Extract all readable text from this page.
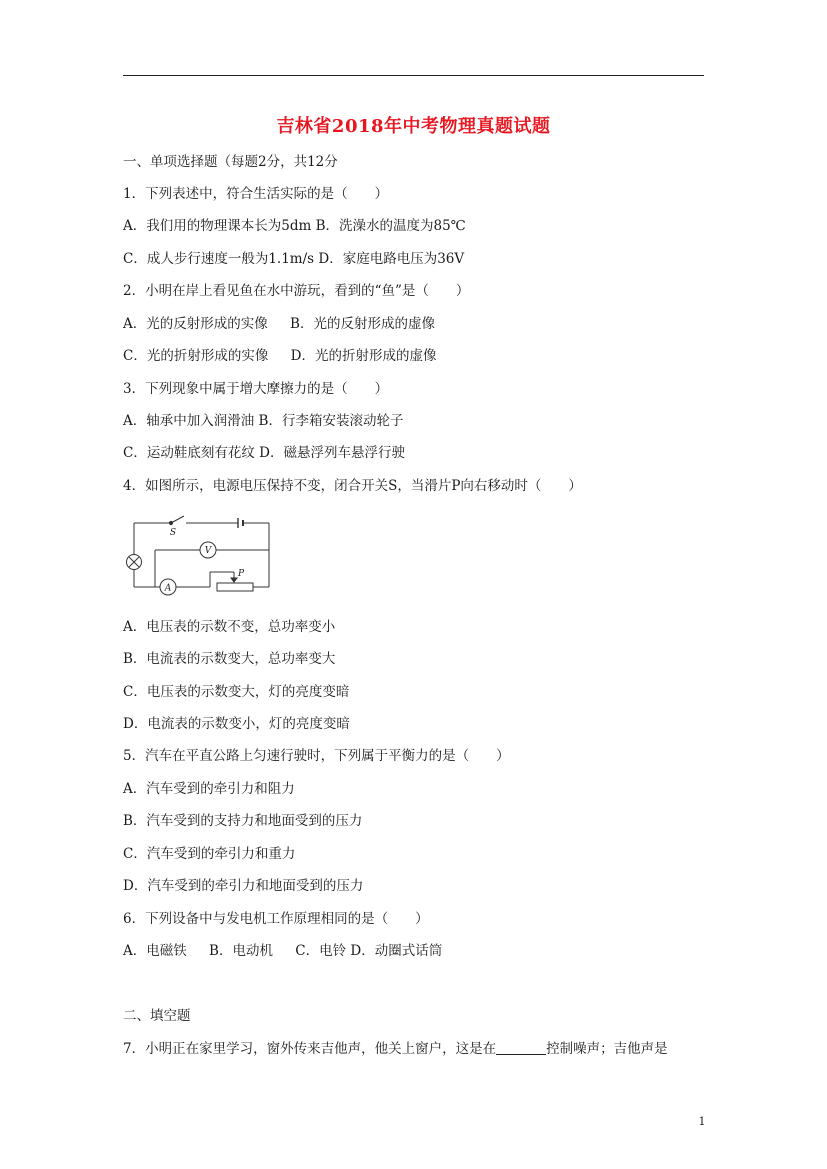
吉林省2018年中考物理真题试题
一、单项选择题（每题2分，共12分
1．下列表述中，符合生活实际的是（　　）
A．我们用的物理课本长为5dm B．洗澡水的温度为85℃
C．成人步行速度一般为1.1m/s D．家庭电路电压为36V
2．小明在岸上看见鱼在水中游玩，看到的“鱼”是（　　）
A．光的反射形成的实像 B．光的反射形成的虚像
C．光的折射形成的实像 D．光的折射形成的虚像
3．下列现象中属于增大摩擦力的是（　　）
A．轴承中加入润滑油 B．行李箱安装滚动轮子
C．运动鞋底刻有花纹 D．磁悬浮列车悬浮行驶
4．如图所示，电源电压保持不变，闭合开关S，当滑片P向右移动时（　　）
S
V
A
P
A．电压表的示数不变，总功率变小
B．电流表的示数变大，总功率变大
C．电压表的示数变大，灯的亮度变暗
D．电流表的示数变小，灯的亮度变暗
5．汽车在平直公路上匀速行驶时，下列属于平衡力的是（　　）
A．汽车受到的牵引力和阻力
B．汽车受到的支持力和地面受到的压力
C．汽车受到的牵引力和重力
D．汽车受到的牵引力和地面受到的压力
6．下列设备中与发电机工作原理相同的是（　　）
A．电磁铁 B．电动机 C．电铃 D．动圈式话筒
二、填空题
7．小明正在家里学习，窗外传来吉他声，他关上窗户，这是在	控制噪声；吉他声是
1
